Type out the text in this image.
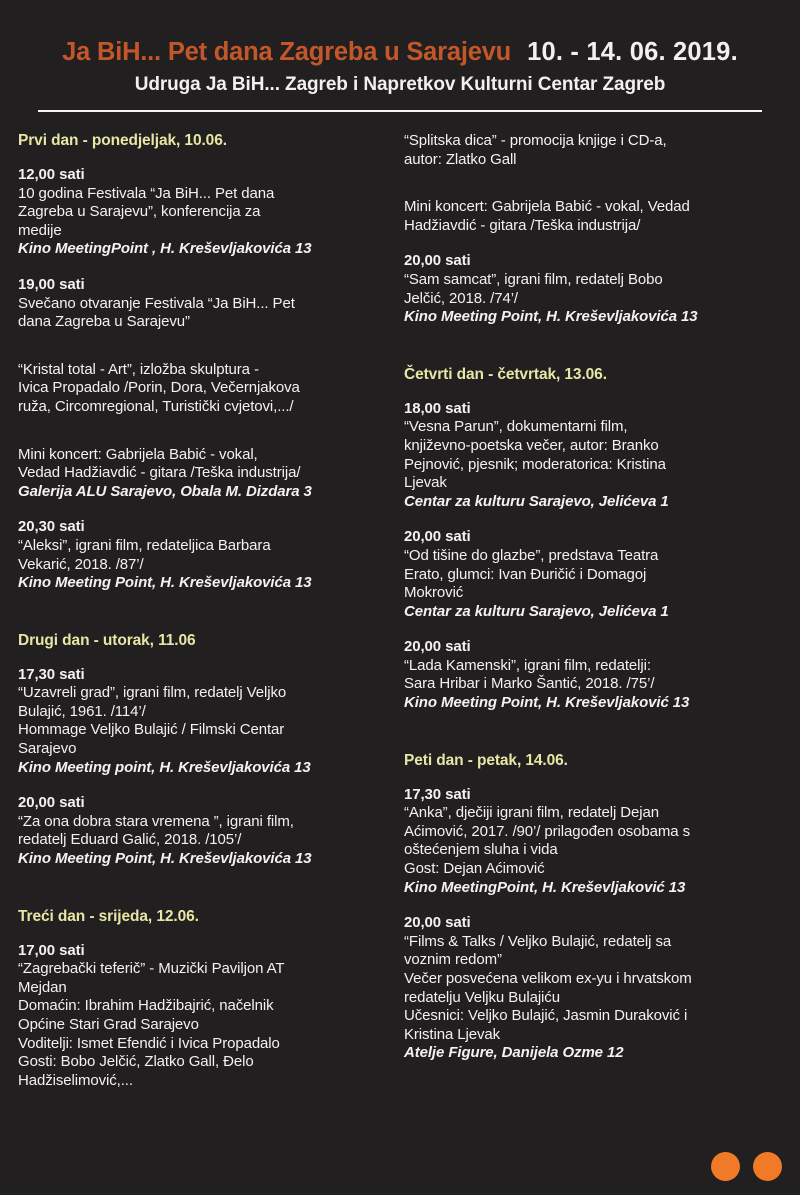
Ja BiH... Pet dana Zagreba u Sarajevu 10. - 14. 06. 2019.
Udruga Ja BiH... Zagreb i Napretkov Kulturni Centar Zagreb
Prvi dan - ponedjeljak, 10.06.
12,00 sati
10 godina Festivala “Ja BiH... Pet dana
Zagreba u Sarajevu”, konferencija za
medije
Kino MeetingPoint , H. Kreševljakovića 13
19,00 sati
Svečano otvaranje Festivala “Ja BiH... Pet
dana Zagreba u Sarajevu”
“Kristal total - Art”, izložba skulptura -
Ivica Propadalo /Porin, Dora, Večernjakova
ruža, Circomregional, Turistički cvjetovi,.../
Mini koncert: Gabrijela Babić - vokal,
Vedad Hadžiavdić - gitara /Teška industrija/
Galerija ALU Sarajevo, Obala M. Dizdara 3
20,30 sati
“Aleksi”, igrani film, redateljica Barbara
Vekarić, 2018. /87’/
Kino Meeting Point, H. Kreševljakovića 13
Drugi dan - utorak, 11.06
17,30 sati
“Uzavreli grad”, igrani film, redatelj Veljko
Bulajić, 1961. /114’/
Hommage Veljko Bulajić / Filmski Centar
Sarajevo
Kino Meeting point, H. Kreševljakovića 13
20,00 sati
“Za ona dobra stara vremena ”, igrani film,
redatelj Eduard Galić, 2018. /105’/
Kino Meeting Point, H. Kreševljakovića 13
Treći dan - srijeda, 12.06.
17,00 sati
“Zagrebački teferič” - Muzički Paviljon AT
Mejdan
Domaćin: Ibrahim Hadžibajrić, načelnik
Općine Stari Grad Sarajevo
Voditelji: Ismet Efendić i Ivica Propadalo
Gosti: Bobo Jelčić, Zlatko Gall, Đelo
Hadžiselimović,...
“Splitska dica” - promocija knjige i CD-a,
autor: Zlatko Gall
Mini koncert: Gabrijela Babić - vokal, Vedad
Hadžiavdić - gitara /Teška industrija/
20,00 sati
“Sam samcat”, igrani film, redatelj Bobo
Jelčić, 2018. /74’/
Kino Meeting Point, H. Kreševljakovića 13
Četvrti dan - četvrtak, 13.06.
18,00 sati
“Vesna Parun”, dokumentarni film,
književno-poetska večer, autor: Branko
Pejnović, pjesnik; moderatorica: Kristina
Ljevak
Centar za kulturu Sarajevo, Jelićeva 1
20,00 sati
“Od tišine do glazbe”, predstava Teatra
Erato, glumci: Ivan Đuričić i Domagoj
Mokrović
Centar za kulturu Sarajevo, Jelićeva 1
20,00 sati
“Lada Kamenski”, igrani film, redatelji:
Sara Hribar i Marko Šantić, 2018. /75’/
Kino Meeting Point, H. Kreševljaković 13
Peti dan - petak, 14.06.
17,30 sati
“Anka”, dječiji igrani film, redatelj Dejan
Aćimović, 2017. /90’/ prilagođen osobama s
oštećenjem sluha i vida
Gost: Dejan Aćimović
Kino MeetingPoint, H. Kreševljaković 13
20,00 sati
“Films & Talks / Veljko Bulajić, redatelj sa
voznim redom”
Večer posvećena velikom ex-yu i hrvatskom
redatelju Veljku Bulajiću
Učesnici: Veljko Bulajić, Jasmin Duraković i
Kristina Ljevak
Atelje Figure, Danijela Ozme 12
